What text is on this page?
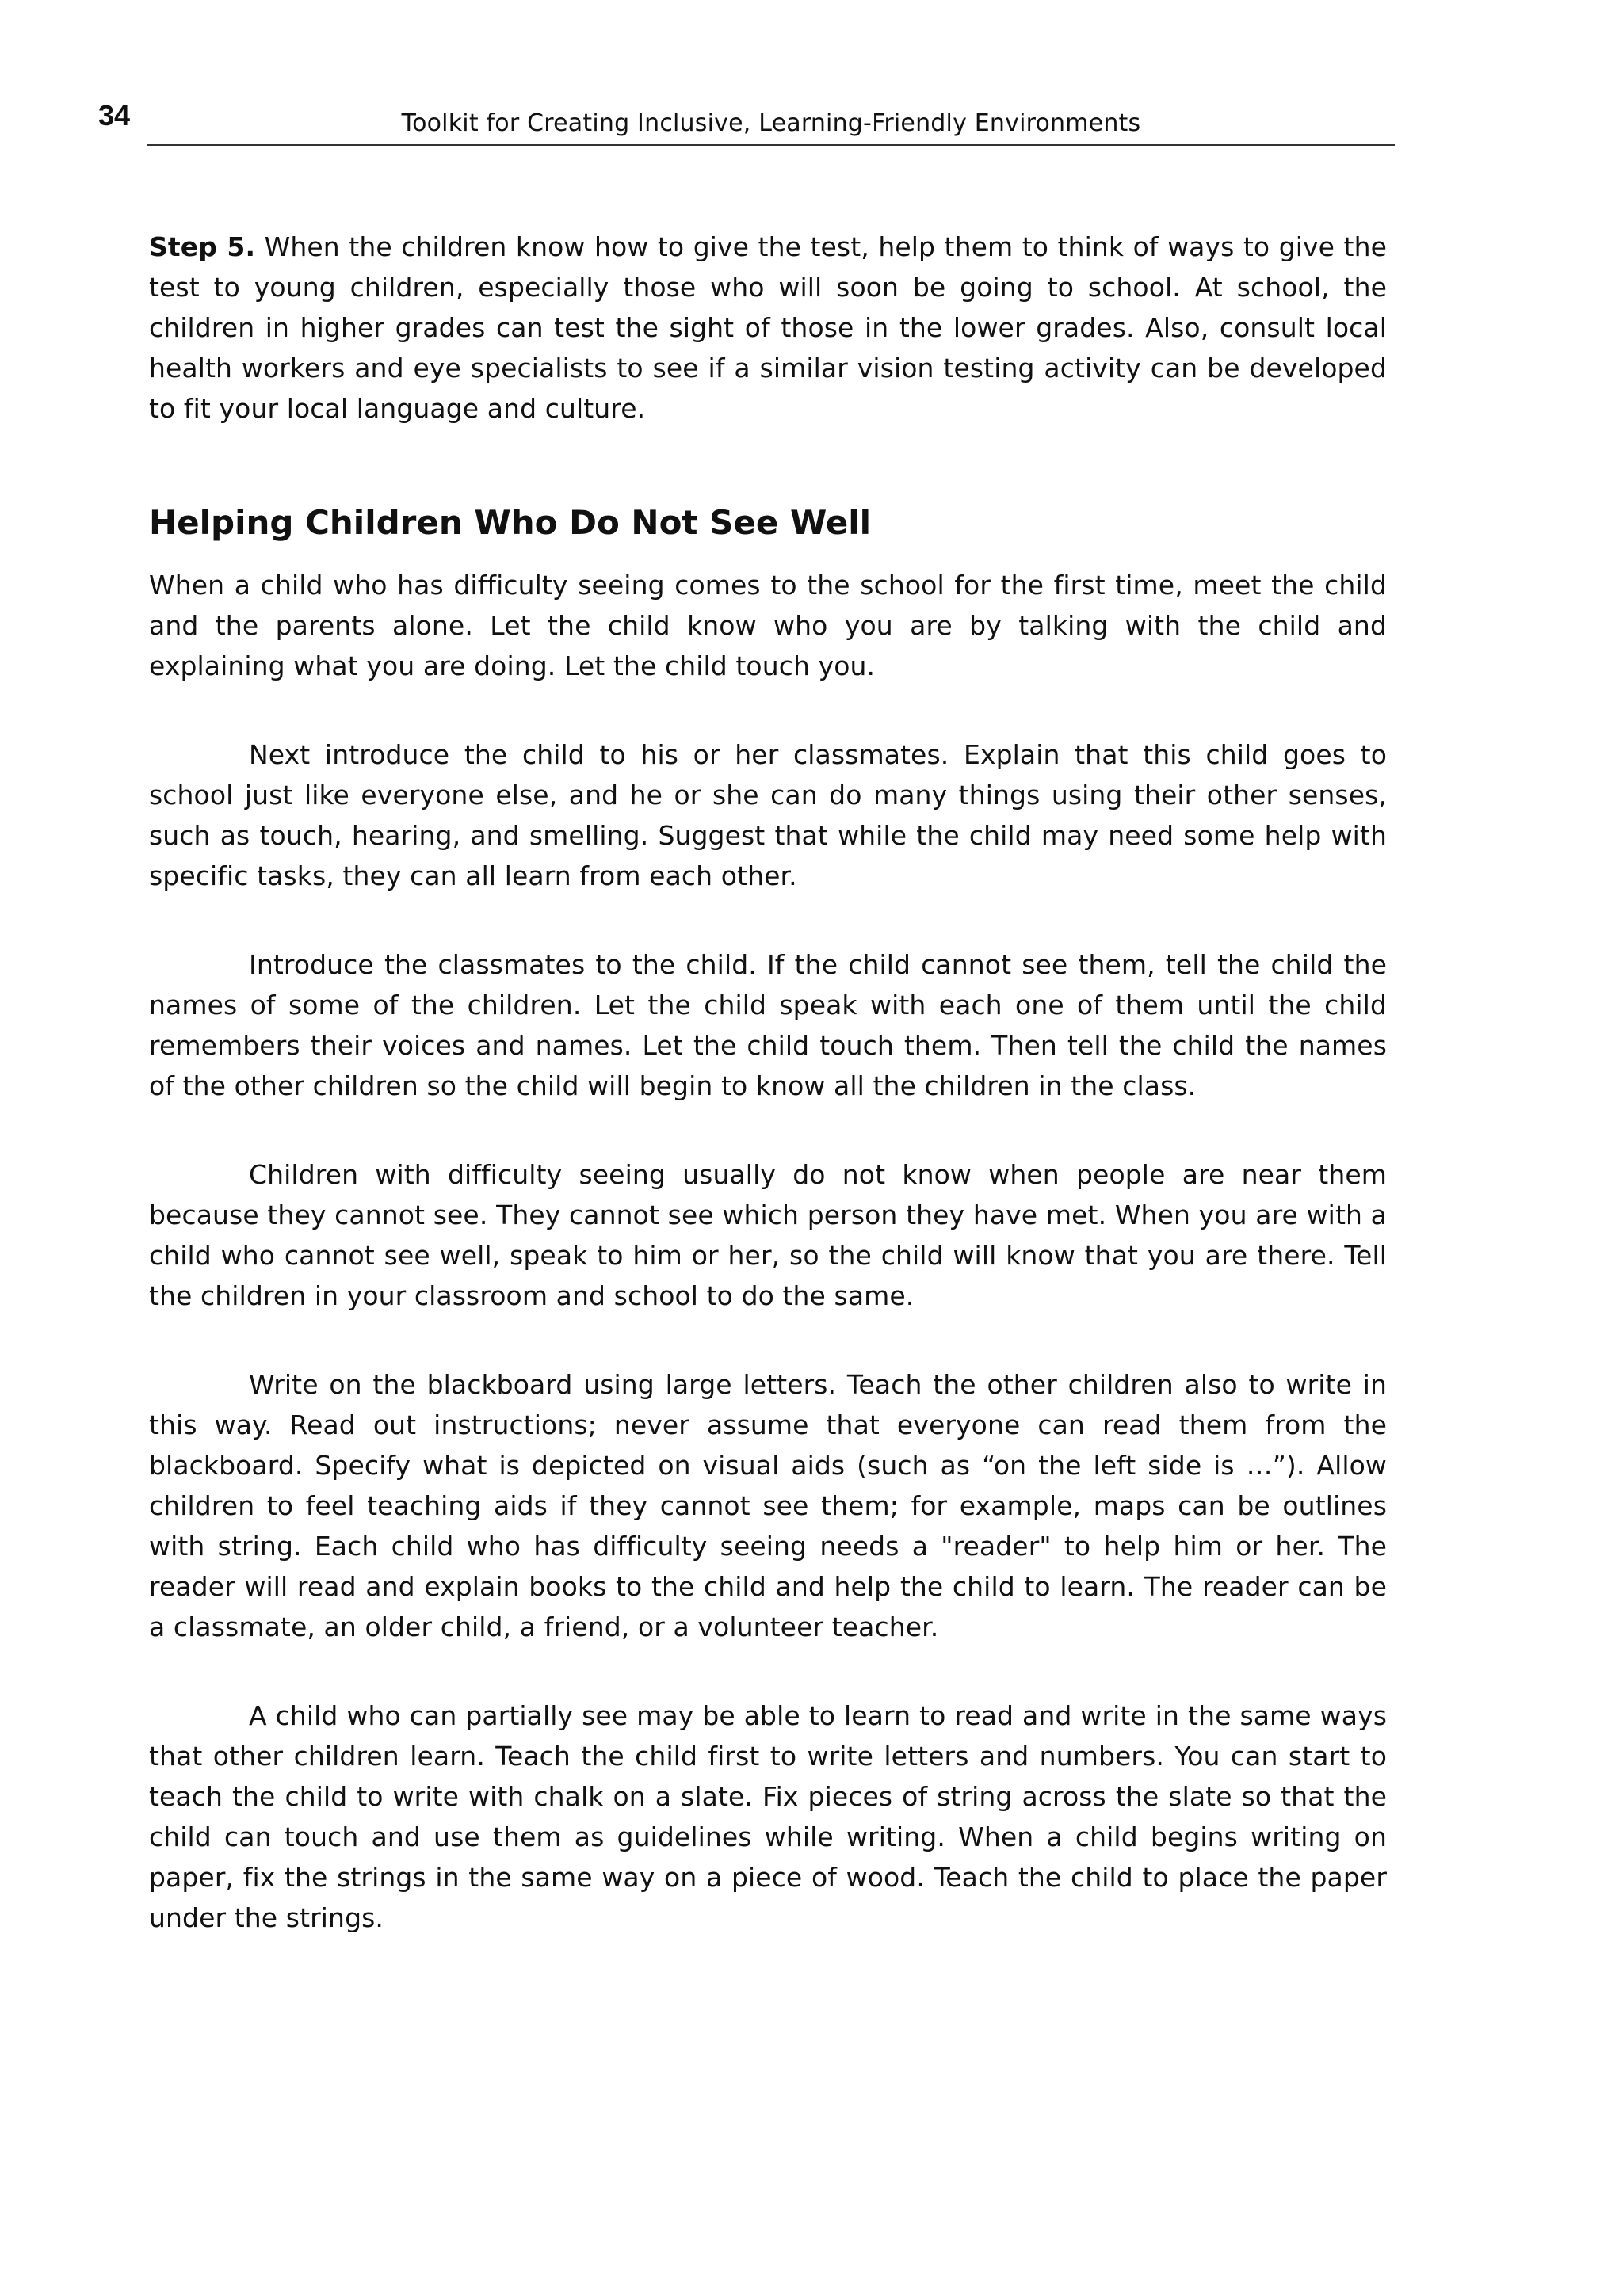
34	Toolkit for Creating Inclusive, Learning-Friendly Environments

Step 5. When the children know how to give the test, help them to think of ways to give the test to young children, especially those who will soon be going to school. At school, the children in higher grades can test the sight of those in the lower grades. Also, consult local health workers and eye specialists to see if a similar vision testing activity can be developed to fit your local language and culture.

Helping Children Who Do Not See Well

When a child who has difficulty seeing comes to the school for the first time, meet the child and the parents alone. Let the child know who you are by talking with the child and explaining what you are doing. Let the child touch you.

Next introduce the child to his or her classmates. Explain that this child goes to school just like everyone else, and he or she can do many things using their other senses, such as touch, hearing, and smelling. Suggest that while the child may need some help with specific tasks, they can all learn from each other.

Introduce the classmates to the child. If the child cannot see them, tell the child the names of some of the children. Let the child speak with each one of them until the child remembers their voices and names. Let the child touch them. Then tell the child the names of the other children so the child will begin to know all the children in the class.

Children with difficulty seeing usually do not know when people are near them because they cannot see. They cannot see which person they have met. When you are with a child who cannot see well, speak to him or her, so the child will know that you are there. Tell the children in your classroom and school to do the same.

Write on the blackboard using large letters. Teach the other children also to write in this way. Read out instructions; never assume that everyone can read them from the blackboard. Specify what is depicted on visual aids (such as “on the left side is …”). Allow children to feel teaching aids if they cannot see them; for example, maps can be outlines with string. Each child who has difficulty seeing needs a "reader" to help him or her. The reader will read and explain books to the child and help the child to learn. The reader can be a classmate, an older child, a friend, or a volunteer teacher.

A child who can partially see may be able to learn to read and write in the same ways that other children learn. Teach the child first to write letters and numbers. You can start to teach the child to write with chalk on a slate. Fix pieces of string across the slate so that the child can touch and use them as guidelines while writing. When a child begins writing on paper, fix the strings in the same way on a piece of wood. Teach the child to place the paper under the strings.
